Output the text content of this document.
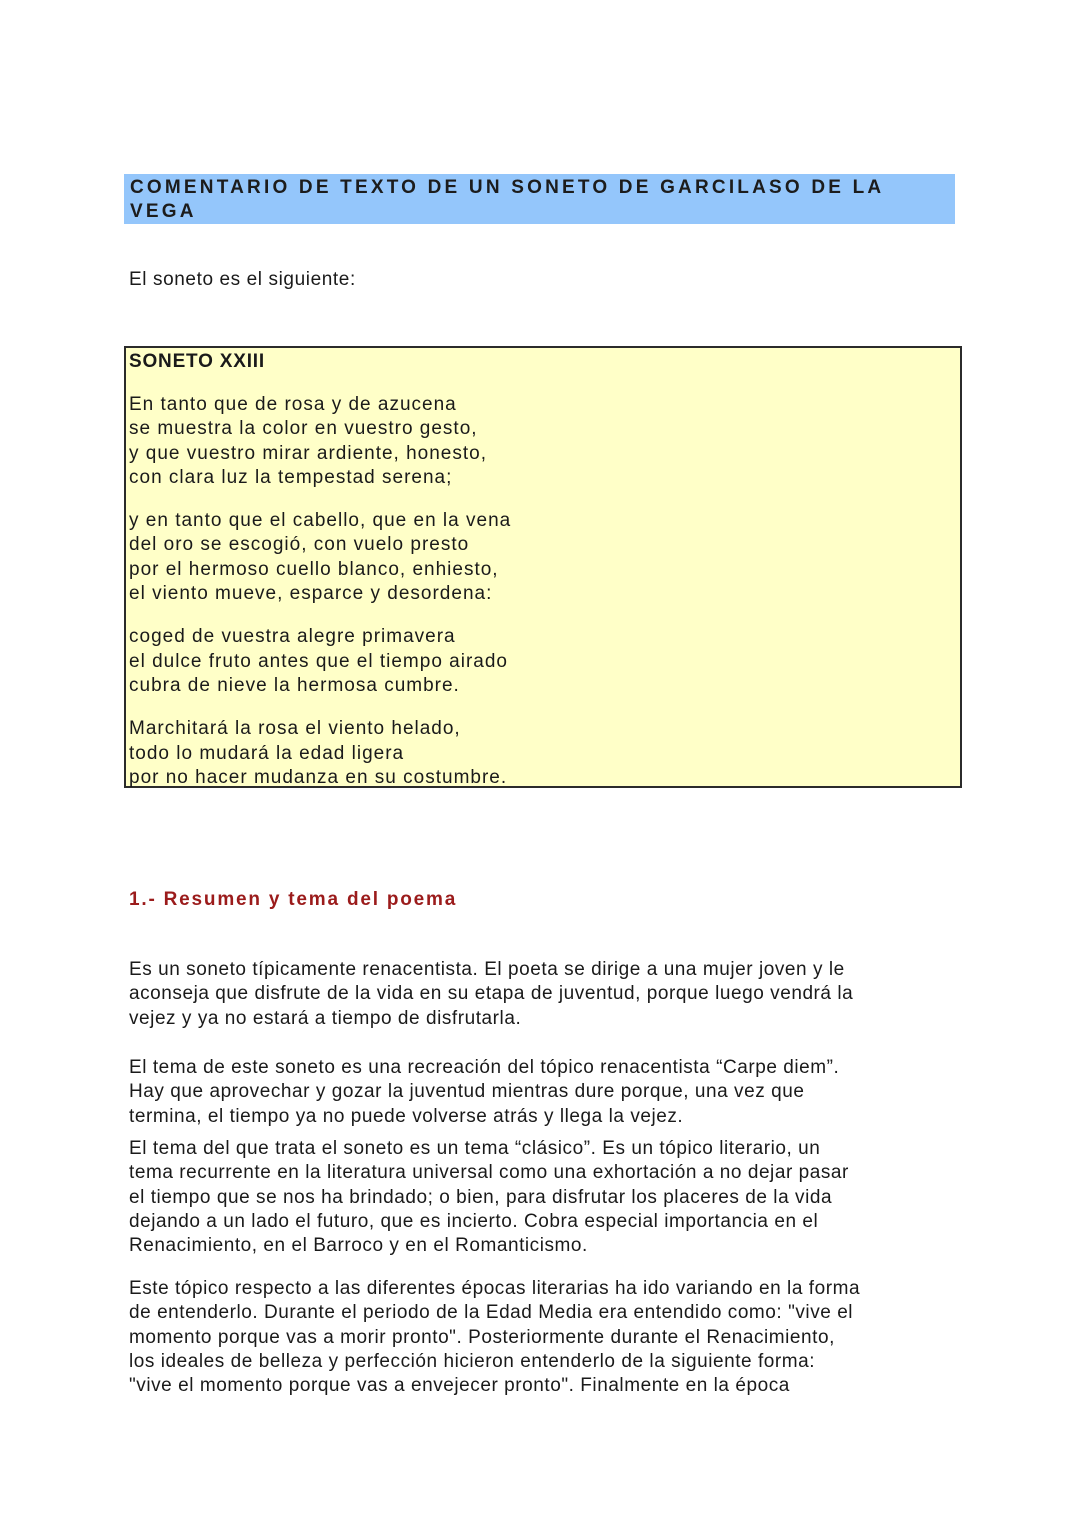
COMENTARIO DE TEXTO DE UN SONETO DE GARCILASO DE LA
VEGA
El soneto es el siguiente:
SONETO XXIII
En tanto que de rosa y de azucena
se muestra la color en vuestro gesto,
y que vuestro mirar ardiente, honesto,
con clara luz la tempestad serena;
y en tanto que el cabello, que en la vena
del oro se escogió, con vuelo presto
por el hermoso cuello blanco, enhiesto,
el viento mueve, esparce y desordena:
coged de vuestra alegre primavera
el dulce fruto antes que el tiempo airado
cubra de nieve la hermosa cumbre.
Marchitará la rosa el viento helado,
todo lo mudará la edad ligera
por no hacer mudanza en su costumbre.
1.- Resumen y tema del poema

Es un soneto típicamente renacentista. El poeta se dirige a una mujer joven y le
aconseja que disfrute de la vida en su etapa de juventud, porque luego vendrá la
vejez y ya no estará a tiempo de disfrutarla.

El tema de este soneto es una recreación del tópico renacentista “Carpe diem”.
Hay que aprovechar y gozar la juventud mientras dure porque, una vez que
termina, el tiempo ya no puede volverse atrás y llega la vejez.

El tema del que trata el soneto es un tema “clásico”. Es un tópico literario, un
tema recurrente en la literatura universal como una exhortación a no dejar pasar
el tiempo que se nos ha brindado; o bien, para disfrutar los placeres de la vida
dejando a un lado el futuro, que es incierto. Cobra especial importancia en el
Renacimiento, en el Barroco y en el Romanticismo.

Este tópico respecto a las diferentes épocas literarias ha ido variando en la forma
de entenderlo. Durante el periodo de la Edad Media era entendido como: "vive el
momento porque vas a morir pronto". Posteriormente durante el Renacimiento,
los ideales de belleza y perfección hicieron entenderlo de la siguiente forma:
"vive el momento porque vas a envejecer pronto". Finalmente en la época
